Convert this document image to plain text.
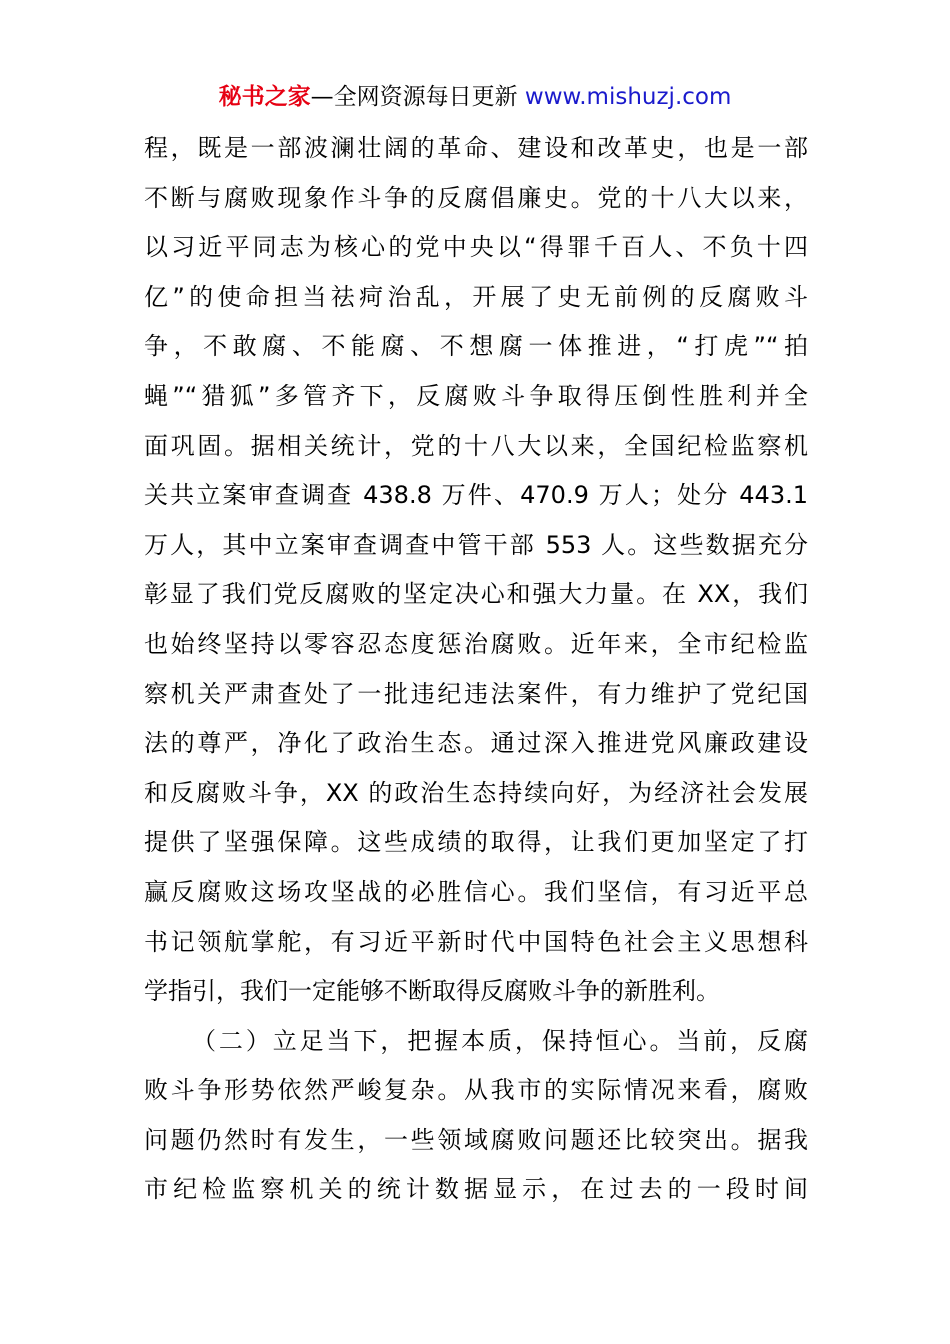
秘书之家—全网资源每日更新 www.mishuzj.com
程，既是一部波澜壮阔的革命、建设和改革史，也是一部
不断与腐败现象作斗争的反腐倡廉史。党的十八大以来，
以习近平同志为核心的党中央以“得罪千百人、不负十四
亿”的使命担当祛疴治乱，开展了史无前例的反腐败斗
争，不敢腐、不能腐、不想腐一体推进，“打虎”“拍
蝇”“猎狐”多管齐下，反腐败斗争取得压倒性胜利并全
面巩固。据相关统计，党的十八大以来，全国纪检监察机
关共立案审查调查 438.8 万件、470.9 万人；处分 443.1
万人，其中立案审查调查中管干部 553 人。这些数据充分
彰显了我们党反腐败的坚定决心和强大力量。在 XX，我们
也始终坚持以零容忍态度惩治腐败。近年来，全市纪检监
察机关严肃查处了一批违纪违法案件，有力维护了党纪国
法的尊严，净化了政治生态。通过深入推进党风廉政建设
和反腐败斗争，XX 的政治生态持续向好，为经济社会发展
提供了坚强保障。这些成绩的取得，让我们更加坚定了打
赢反腐败这场攻坚战的必胜信心。我们坚信，有习近平总
书记领航掌舵，有习近平新时代中国特色社会主义思想科
学指引，我们一定能够不断取得反腐败斗争的新胜利。
（二）立足当下，把握本质，保持恒心。当前，反腐
败斗争形势依然严峻复杂。从我市的实际情况来看，腐败
问题仍然时有发生，一些领域腐败问题还比较突出。据我
市纪检监察机关的统计数据显示，在过去的一段时间
